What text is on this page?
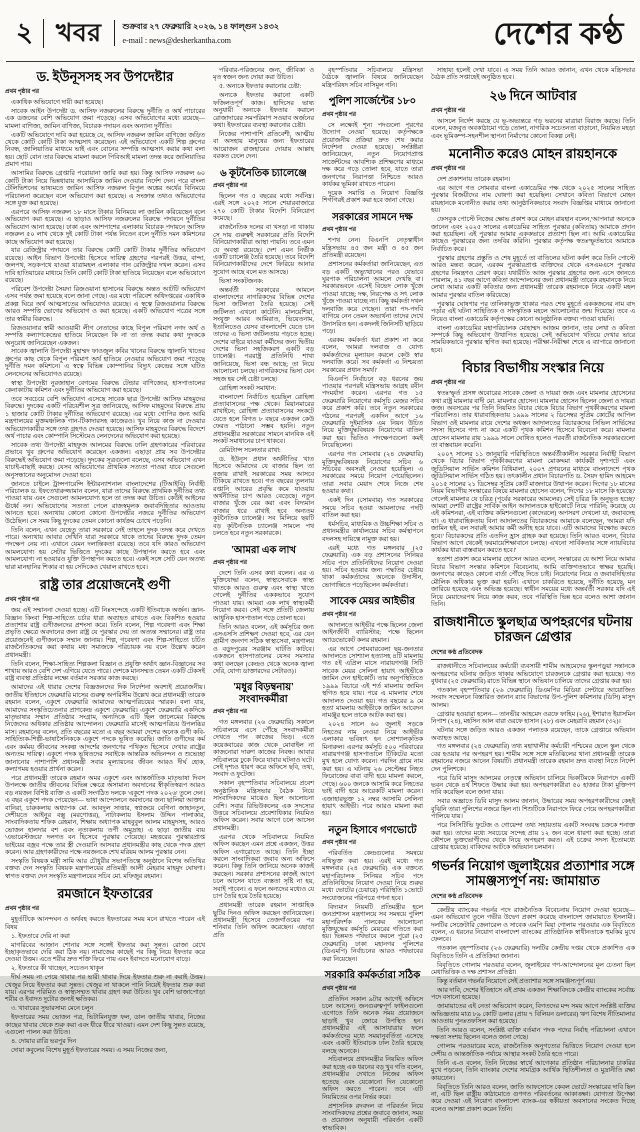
২ খবর	শুক্রবার ২৭ ফেব্রুয়ারি ২০২৬, ১৪ ফাল্গুন ১৪৩২
e-mail : news@desherkantha.com	দেশের কণ্ঠ
ড. ইউনূসসহ সব উপদেষ্টার
প্রথম পৃষ্ঠার পর

একাধিক অভিযোগে দায়ী করা হয়েছে।

সাবেক আইন উপদেষ্টা ড. আসিফ নজরুলের বিরুদ্ধে দুর্নীতি ও অর্থ পাচারের এক ডজনের বেশি অভিযোগ জমা পড়েছে। এসব অভিযোগের মধ্যে রয়েছে— মামলা বাণিজ্য, জামিন বাণিজ্য, বিচারক পদায়ন এবং অন্যান্য দুর্নীতি।

একটি অভিযোগে দাবি করা হয়েছে যে, আসিফ নজরুল জামিন বাণিজ্যে জড়িত থেকে কোটি কোটি টাকা আত্মসাৎ করেছেন। এই অভিযোগে একটি শিল্প গ্রুপের নিবন্ধ, জালিয়াতির মাধ্যমে ভাই এবং বোনের সম্পত্তি আত্মসাৎ করার কথা বলা হয়। ছোট বোন তার বিরুদ্ধে মামলা করলে পিবিআই মামলা তদন্ত করে জালিয়াতির প্রমাণ পায়।

আসামির বিরুদ্ধে গ্রেপ্তারি পরোয়ানা জারি করা হয়। কিন্তু আসিফ নজরুল ৬০ কোটি টাকা নিয়ে ভিন্নধারায় আসামিকে জামিন দেওয়ার নির্দেশ দেন। পরে বাংলা টেলিভিশনের ভাষ্যমতে জামিন আসিফ নজরুল বিপুল অঙ্কের অর্থের বিনিময়ে পরিচালনা করেছেন বলে অভিযোগ করা হয়েছে। এ সংক্রান্ত তথ্যও অভিযোগের সঙ্গে যুক্ত করা হয়েছে।

এরপরে আসিফ নজরুল ১৮ মাসে টাকার বিনিময়ে লা জামিন করিয়েছেন বলে অভিযোগ করা হয়েছে। এ ছাড়াও আসিফ নজরুলের বিরুদ্ধে পদায়নে দুর্নীতির অভিযোগ আনা হয়েছে। ঢাকা এবং আশপাশের এলাকায় বিচারক পদায়নে আসিফ নজরুল ৫০ লাখ থেকে দুই কোটি টাকা পর্যন্ত নিতেন বলে দুর্নীতি দমন কমিশনের কাছে অভিযোগ করা হয়েছে।

যার রেজিস্ট্রার পদায়নে তার বিরুদ্ধে কোটি কোটি টাকার দুর্নীতির অভিযোগ রয়েছে। আইন বিভাগ উপদেষ্টা হিসেবে দায়িত্ব গ্রহণের পরপরই উত্তর, বান্দা, জলপথ, সড়কপথে যাওয়া যাত্রামহল এলাকার গান রেজিস্ট্রার দখল করেন। এসব দাবি হাতিয়ারের মাধ্যমে তিনি কোটি কোটি টাকা হাতিয়ে নিয়েছেন বলে অভিযোগে রয়েছে।

পরিবেশ উপদেষ্টা সৈয়দা রিজওয়ানা হাসানের বিরুদ্ধে অন্তত আটটি অভিযোগ এসব পর্যন্ত জমা হয়েছে বলে জানা গেছে। এর মধ্যে পরিবেশ অধিদপ্তরের একাধিক প্রকল্প ঘিরে অর্থ আত্মসাতের অভিযোগও রয়েছে। এ স্বত্বে রিজওয়ানার বিরুদ্ধে আরও সম্পত্তি ভোগের অভিযোগ ও করা হয়েছে। একটি অভিযোগ পত্রের সঙ্গে তার স্বামীর বিরুদ্ধে।

রিজওয়ানার স্বামী আওয়ামী লীগ নেতাদের কাছে বিপুল পরিমাণ নগদ অর্থ ও সম্পত্তি কল্যাণকেন্দ্রের হাতিয়ে নিয়েছেন কি না তা তদন্ত করার কথা দুদককে অনুরোধ জানিয়েছেন একজন।

সাবেক জ্বালানি উপদেষ্টা মুহাম্মদ ফাওজুল কবির খানের বিরুদ্ধে জ্বালানি খাতের গ্রুপের কাছ থেকে বিপুল পরিমাণ অর্থ হাতিয়ে নেওয়ার অভিযোগ জমা পড়েছে দুর্নীতি দমন কমিশনে। এ স্বত্বে বিভিন্ন কোম্পানির বিদ্যুৎ কেন্দ্রের সঙ্গে ঘটিত লেনদেনের অভিযোগও রয়েছে।

স্বাস্থ্য উপদেষ্টা নুরজাহান বেগমের বিরুদ্ধে টেন্ডার বাণিজ্যের, হাসপাতালের কেনাকাটায় কমিশন এবং দুর্নীতির অভিযোগ করা হয়েছে।

তবে সবচেয়ে বেশি অভিযোগ এসেছে সাবেক ছাত্র উপদেষ্টা আসিফ মাহমুদের বিরুদ্ধে। দুদকের একটি পরিচয়শীল সূত্র জানিয়েছে, আসিফ মাহমুদের বিরুদ্ধে প্রায় ১ হাজার কোটি টাকার দুর্নীতির অভিযোগ রয়েছে। এর মধ্যে গোপির জন্য আমি মন্ত্রণালয়ের মুক্তমঞ্চলিক গান-টিকাদারসহ কাজেরও। খুব নিয়ে কাজ না দেওয়ার অভিযোগকারীর সঙ্গে তথ্য গ্রহণও দেওয়া হয়েছে। আসিফ মাহমুদের বিরুদ্ধে বিদেশে অর্থ পাচার এবং কোম্পানি সিস্টেমেও লেনদেনের অভিযোগ করা হয়েছে।

সাবেক তথ্য উপদেষ্টা মাহফুজ আলমের বিরুদ্ধে ঢালি গ্রহণকারের পরিবারের প্রভাবে খুব গ্রুপের অভিযোগ করেছেন একজন। এছাড়া প্রায় সব উপদেষ্টার বিরুদ্ধেই অভিযোগ জমা পড়েছে। দুদকের সূত্রগুলো বলেছে, এসব অভিযোগ এখন যাচাই-বাছাই করছে। যেসব অভিযোগের প্রাথমিক সত্যতা পাওয়া যাবে সেগুলো অনুসন্ধানের অনুমোদন দেওয়া হবে।

জানতে চাইলে ট্রান্সপারেন্সি ইন্টারন্যাশনাল বাংলাদেশের (টিআইবি) নির্বাহী পরিচালক ড. ইফতেখারুজ্জামান বলেন, যারা তাদের বিরুদ্ধে প্রাথমিক দুর্নীতির তথ্য পাওয়া যায় এবং সেগুলো আমলযোগ্য হলে তা তদন্ত করা উচিত। কেউই আইনের ঊর্ধ্বে নন। অভিযোগের সত্যতা পেলে রাজস্বমূলক জবাবদিহিতার আওতায় আনতে হবে। অন্যথায় কোনো কোনো উপদেষ্টার নজরে দুর্নীতির অভিযোগ উঠেছিল। সে সময় কিছু দুদকের তেমন কোনো কার্যক্রম চোখে পড়েনি।

তিনি বলেন, এখন যেহেতু তারা সরকারে নেই তাহলে দুদক তদন্ত করে দেখতে পারে। অন্যথায় আবার দেখিনি যারা সরকারে থাকে তাদের বিরুদ্ধে দুদক তেমন পদক্ষেপ নেয় না। এখানে যেমন দলান্তিকতা রয়েছে। তবে যদি কারও অভিযোগ আমলযোগ্য হয় সেটার ভিত্তিতে দুদকের কাছে উপস্থাপন করতে হবে এবং আমলযোগ্য না হওয়ারও যুক্তি উপস্থাপন করতে হবে। একই সঙ্গে সেটি যেন অতথ্য দ্বারা মানহানির শিকার বা হয় সেদিকেও খেয়াল রাখতে হবে।

রাষ্ট্র তার প্রয়োজনেই গুণী
প্রথম পৃষ্ঠার পর

জয় এই সম্মাননা দেওয়া হচ্ছে। এটি নিঃসন্দেহে একটি ইতিবাচক অর্জন। জ্ঞান-বিজ্ঞান কিংবা শিল্প-সাহিত্যে চর্চার ধারা অব্যাহত রাখতে এবং বিকশিত হওয়ার প্রত্যাশায় রাষ্ট্র গুণীজনদের প্রশংসা করে। তিনি বলেন, শিল্প গবেষণা এবং শিক্ষা প্রভৃতি ক্ষেত্রে অবদানের জন্য রাষ্ট্র যে পুরস্কার দেয় তা অত্যন্ত সম্মানের। রাষ্ট্র তার প্রয়োজনেই গুণীজনকে সম্মান জানায়। শিল্প, গবেষণা এবং শিল্প-সাহিত্যে চর্চিত রাজনৈতিকদের করা কথায় মধ্য সমাজকে পরিচায়ক নয় বলে উল্লেখ করেন প্রধানমন্ত্রী।

তিনি বলেন, শিক্ষা-সাহিত্য শিল্পকলা বিজ্ঞান ও প্রযুক্তি অর্থাৎ জ্ঞান-বিজ্ঞানের সব শাখায় আরও বেশি দেশ এগিয়ে যেতে পারে। দেশকে মানসম্মত তেমন একটি টেকসই রাষ্ট্র ব্যবস্থা প্রতিষ্ঠার লক্ষ্যে বর্তমান সরকার কাজ করছে।

আমাদের এই ধারার দেশের বিজ্ঞজনদের দিক নির্দেশনা অবশ্যই প্রয়োজনীয়। জাতীয় ইতিহাসে ফেব্রুয়ারি মাসের গুরুত্ব অপরিসীম উল্লেখ করে প্রধানমন্ত্রী তারেক রহমান বলেন, একুশে ফেব্রুয়ারি আমাদের আত্মপরিচয়ের স্মারক। বলা যায়, আমাদের সংস্কৃতিচেতনার প্রাণকেন্দ্র একুশে ফেব্রুয়ারি। একুশে ফেব্রুয়ারি একদিকে মাতৃভাষার সম্মান প্রতিষ্ঠার সংগ্রাম, অন্যদিকে এটি ছিল জালেমের বিরুদ্ধে নিজেদের অধিকার প্রতিষ্ঠার আন্দোলন। ফেব্রুয়ারি মাসেই আত্মপরিচয় উপলব্ধির মাস। রহমানের বলেন, প্রতি বছরের মতো এ বছর আমরা দেশের অনেক গুণী কবি-সাহিত্যিক-শিল্পী-ভাষাসৈনিককে একুশে পদকে ভূষিত করেছি। জাতি গুণীদের কর্ম এবং কর্মময় জীবনের সংকল্প আদর্শের জনগণের পথিকৃত হিসেবে দেখার রাষ্ট্রের অন্যতম দায়িত্ব। একুশে পদক ভূষিতদের সবাইকে আন্তরিক অভিনন্দন ও শুভেচ্ছা জানানোর পাশাপাশি প্রধানমন্ত্রী সবার মূল্যায়নের জীবন আরও দীর্ঘ হোক, কল্যাণময় হওয়ার প্রার্থনা করেন।

পরে প্রধানমন্ত্রী তারেক রহমান অমর একুশে এবং আন্তর্জাতিক মাতৃভাষা দিবস উপলক্ষে জাতীয় জীবনের বিভিন্ন ক্ষেত্রে অসামান্য অবদানের স্বীকৃতিস্বরূপ আরও বড় নয়জন বিশিষ্ট ব্যক্তি ও একটি সংগঠিত দলকে 'একুশে পদক ২০২৬' তুলে দেন। এ বছর একুশে পদক পেয়েছেন— ভাষা আন্দোলনে অবদানের জন্য ছালিয়া আক্তার বানিরা, চারুকলায় অধ্যাপক মো. আবদুল সাত্তার, স্বপ্নজয়ে বেগিনা জাহানতুন, দেশীয়তে আইনুর বক্সু (মরণোত্তর), নাট্যকলায় ইসলাম উদ্দিন পালাকার, সাংবাদিকতায় শফিক রেহমান, শিক্ষায় অধ্যাপক মাহবুবুল আলম মাহমুদসহ, আরও ভোজন হালদার বশ এবং নৃত্যকলায় তর্পী অমুদ্রাহ। এ ছাড়া জাতীয় ব্যয় 'এভারেস্টজয়ে' দলগত বন হিসেবে পুরস্কার পেয়েছে। মহত্তরের পুরস্কারপ্রাপ্ত ভাইয়ের বজ্রব পক্ষে তার স্ত্রী দেওয়ানি আসবার প্রধানমন্ত্রীর কাছ থেকে পদক গ্রহণ করেন। আর গ্রহণকারীদের পক্ষে নয়জনকে শেখ মরিয়ম আলম পুরস্কার নেন।

সংস্কৃতি বিষয়ক মন্ত্রী সামি আর চৌধুরীর সভাপতিত্বে অনুষ্ঠানে বিশেষ অতিথির বক্তব্য দেন সংস্কৃতি বিষয়ক মন্ত্রণালয়ের প্রতিমন্ত্রী আলী মেহরাব মাহমুদ ঘোষণা। স্বাগত বক্তব্য দেন সংস্কৃতি মন্ত্রণালয়ের সচিব মো. মফিজুর রহমান।

রমজানে ইফতারের
প্রথম পৃষ্ঠার পর

মুহূর্তটিকে আনন্দঘন ও অর্থবহ করতে ইফতারের সময় মনে রাখতে পারেন এই বিষয়

১. ইফতারে দেরি না করা

মাগরিবের আজান শোনার সঙ্গে সঙ্গেই ইফতার করা সুন্নত। রোজা রেখে ইচ্ছাকৃতভাবে দেরি করা ঠিক নয়। নামাজের কাছেই পর কিছু নিয়ে ইফতার করে দেওয়া উত্তম। এতে শরীর দ্রুত শক্তি ফিরে পায় এবং ইবাদতে মনোযোগ বাড়ে।

২. ইফতারে কী খাচ্ছেন, সচেতন থাকুন

দীর্ঘ সময় না পেয়ে খাবার পর ভারী খাবার দিয়ে ইফতার শুরু না করাই উত্তম। খেজুর নিয়ে ইফতার করা সুন্নত। খেজুর না থাকলে পানি নিয়েই ইফতার শুরু করা যায়। এরপর পরিমিত ও স্বাস্থ্যসম্মত খাবার গ্রহণ করা উচিত। খুব বেশি ভাজাপোড়া শরীর ও ইবাদত দুটোর জন্যই ক্ষতিকর।

৩. খাবারের সুভারসাম্য মেনে চলুন

ইফতারের সময় ভোজন পত্র, ভিটামিনযুক্ত ফল, ডাল জাতীয় খাবার, নিজের কাছের খাবার থেকে শুরু করা এবং ধীরে ধীরে খাওয়া। এমন দেশ কিছু সুন্নত রয়েছে, এগুলো পালন করা উচিত।

৪. দোয়ার রাত্রি ভরপুর দিন

দোয়া কবুলের বিশেষ মুহূর্ত ইফতারের সময়। এ সময় নিজের জন্য,

পরিবার-পরিজনের জন্য, জীবিকা ও মৃত স্বজন জন্য দোয়া করা উচিত।

৫. অন্যকে ইফতার করানোর চেষ্টা:

অন্যকে ইফতার করানো একটি ফজিলতপূর্ণ কাজ। হাদিসের ভাষ্য অনুযায়ী অন্যকে ইফতার করালে রোজাদারের সমপরিমাণ সওয়াব অর্জনের কথা। ইফতারের ব্যবস্থা করানোর চেষ্টা।

নিজের পাশাপাশি প্রতিবেশী, আত্মীয় বা অসহায় মানুষের জন্য ইফতারের আয়োজন রাজহারের দোয়ায় আল্লাহ বরকত ঢেলে দেন।

৬ কূটনৈতিক চ্যালেঞ্জে
প্রথম পৃষ্ঠার পর

ছিলেন গত ৫ বছরের মধ্যে সর্বনিম্ন। এরই সঙ্গে ২০২৫ সালে শেয়ারবাজারে ২৭০ কোটি টাকার বিদেশি বিনিয়োগ কমেছে।

রাজনৈতিক দলের বা খসড়া না থাকায় সে দায় গুরুত্বই সরকারের প্রতি বিদেশি বিনিয়োগকারীরা আস্থা পায়নি। তবে এমন যে অবস্থা রয়েছে। দেশ এমন নির্ভীক একটি চ্যালেঞ্জ তৈরি হয়েছে। তবে বিদেশি বিনিয়োগকারীদের দেশে ফিরিয়ে আনার সুযোগ আছে বলে মত আসছে।

ভিসা সংকটজনক:

অন্তর্বর্তী সরকারের আমলে বাংলাদেশের নাগরিকদের বিভিন্ন দেশের ভিসা জটিলতা তৈরি হয়েছে। সেই জটিলতা এখনো কাটেনি। মালয়েশিয়া, সংযুক্ত আরব আমিরাত, ভিয়েতনাম, ইতালিতেও যেসব বাংলাদেশি যেতে চান তাদের এ ভিসা জটিলতায় পড়তে হচ্ছে। দেশের বাইরে যাওয়া কর্মীদের জন্য দ্বিতীয় দেশের ভিসা সহজিকরণ একটি বড় চ্যালেঞ্জ। পররাষ্ট্র প্রতিনিধি শাখা জানিয়েছে, ভিসা বন্ধ আছে; তা নিয়ে আলোচনা চলছে। নাগরিকদের ভিসা যেন সহজ হয় সেই চেষ্টা চলছে।

রোহিঙ্গা সংকট সমাধান:

বাংলাদেশ নির্বাচিত হয়েছিল রোহিঙ্গা প্রত্যাবাসনের পক্ষ থেকে। মিয়ানমারের রাখাইনে; রোহিঙ্গা প্রত্যাবাসনের সংকটে যেতে হলে বিগত ৮ বছরে একজন কেউ ফেরত পাঠানো সম্ভব হয়নি। নতুন প্রধানমন্ত্রীর সরকারের সামনে মানবিক এই সংকট সমাধানের চাপ থাকবে।

রেমিট্যান্স সচলতার রাখা:

ড. ইউনূস প্রধান অর্থনীতির খাত হিসেবে আমাদের যে বাজার ছিল তা বজায় রাখাই সরকারের সময় আসবে টিকিয়ে রাখতে হবে। গত বছরের তুলনায় রপ্তানি আয়ের প্রবৃদ্ধি কমে যাওয়ায় অর্থনীতির চাপ আরও বেড়েছে। নতুন বাজার খুঁজে বের করা এবং বিদ্যমান বাজার ধরে রাখাই হবে অন্যতম কূটনৈতিক চ্যালেঞ্জ। সব মিলিয়ে ছয়টি বড় কূটনৈতিক চ্যালেঞ্জ সামলে পথ চলতে হবে নতুন সরকারকে।

'আমরা এক লাখ
প্রথম পৃষ্ঠার পর

দেশে তিনি এসব কথা বলেন। এর এ মুক্তিযোদ্ধা বলেন, স্বাস্থ্যসেবাকে স্বাস্থ্য খাতকে আরও গুরুত্ব এবং স্বাস্থ্য খাতে গেলেই দুর্নীতির এককভাবে সুযোগ পাওয়া যায়। আমরা এক লাখ স্বাস্থ্যকর্মী নিয়োগ করব। সেই সঙ্গে প্রতিটি জেলায় আধুনিক হাসপাতাল গড়ে তোলা হবে।

তিনি আরও বলেন, এই কর্মসূচির জন্য এসএসসি প্রশিক্ষণ দেওয়া হবে, এর যেন গ্রামীণ জনগণ সঠিক স্বাস্থ্যসেবা, মন্ত্রণালয় ও বড়ুদপুরের সরঞ্জাম ঘাটতি কাটবে। একজনে হাসপাতালের যেসব সমস্যার কথা বলছেন (কেন্দ্রও থেকে অনেক জ্বালা দেরি, যোগ্য ডাক্তারদের সেটারও)।

'মধুর বিড়ম্বনায়' সংবাদকর্মীরা
প্রথম পৃষ্ঠার পর

গত মঙ্গলবার (২৬ ফেব্রুয়ারি) সকালে সচিবালয়ে এসে পৌঁছে সংবাদকর্মীরা দেখতে পান কাজের ভিড়। এতে কয়েকবারের কাজ থেকে মোবাইল না কাজনোরা দারুণ কাজের নিবন্ধ। আবার সচিবালয়ে ঢুকে ফিরে যাবার ঘটনাও ঘটে। সেই দৃশ্যও ধারণ করে অফিসে ছবি, তথ্য, সংবাদ ও ফুটেজ।

সকাল বৃহস্পতিবার সচিবালয়ে প্রবেশ অনুষ্ঠানিক মন্ত্রিসভার বৈঠক নিয়ে সাংবাদিকদের মাঝেও ছিল আলোচনা বেশি। সবার রিভিউকলের এক সদস্যের উত্তরে সচিবালয়ে প্রবেশাধিকার নিয়মিত অফিস করেন। সবার আগে চলে আসেন প্রধানমন্ত্রী।

এরপর থেকে সচিবালয়ে নিয়মিত অফিস করছেন এমন প্রশ্নে একজন, উত্তর অফিস এগারোতে আছে। তিনি ইচ্ছা করলে সাংবাদিকরা জবাব অন্য অফিসে করেন। কিন্তু তিনি জানিয়ে অনেক কাজই করছেন। সরকার প্রশাসনের কাজই আগে চলে আসেন যাতে ব্যস্ততা সৃষ্টি না হয়, সবাই পাবেন। এ ফলে অন্যদের মধ্যেও যে চাপ তৈরি হয়ে তৈরি হয়েছে।

প্রধানমন্ত্রী তারেক রহমান সাপ্তাহিক ছুটির দিনও অফিস করছেন জানিয়েছেন। প্রধানমন্ত্রী হিসেবে তেজগাঁওয়ের পর শনিবার তিনি অফিস করেছেন। এছাড়া প্রতি

বৃহস্পতিবার সচিবালয়ে মন্ত্রিসভা বৈঠকে জ্বালানি বিষয়ে জানিয়েছেন মন্ত্রিপরিষদ সচিব নাসিমুল গনি।

পুলিশ সার্জেন্টের ১৮০
প্রথম পৃষ্ঠার পর

সে লক্ষ্যেই শূন্য পদগুলো পূরণের উদ্যোগ নেওয়া হয়েছে। কর্তৃপক্ষকে প্রয়োজনীয় প্রক্রিয়া দ্রুত শেষ করার নির্দেশনা দেওয়া হয়েছে। সংশ্লিষ্টরা জানিয়েছেন, নতুন নিয়োগপ্রাপ্ত সার্জেন্টদের আবশ্যিক প্রশিক্ষণের মাধ্যমে দক্ষ করে গড়ে তোলা হবে, যাতে তারা জনগণের নিরাপত্তা নিশ্চিতে আরও কার্যকর ভূমিকা রাখতে পারেন।

দুয়েক সমাপ্তি ও নিয়োগ বিজ্ঞপ্তি শিগগিরই প্রকাশ করা হবে জানা গেছে।

সরকারের সামনে দক্ষ
প্রথম পৃষ্ঠার পর

শপথ নেন। বিএনপি নেতৃত্বাধীন মন্ত্রিসভায় ৪৫ জন মন্ত্রী ও ৪৫ জন প্রতিমন্ত্রী রয়েছেন।

প্রশাসনের কর্মকর্তারা জানিয়েছেন, এত বড় একটি অভ্যুত্থানের পরও যেভাবে ঘুরপাক পরিচালনা আমলে দেখছি বা। সরকারভবনে এসেই বিভেদ লোক খুঁজে পাওয়া যাচ্ছে; দক্ষ, নিরপেক্ষ ও সৎ লোক খুঁজে পাওয়া যাচ্ছে না। কিছু কর্মকর্তা দখল দলবাজি করে গেছেন। তারা পদ-পদবি বাগিয়ে নেন তেমন অভ্যর্থনা তাদের দেখে উদাসরিত হন। একদলই জিনিসটি ছাড়িয়ে পড়ে।

এরকম কর্মকর্তা ধরা প্রকাশ না করে বলেন, 'আমরা দলবাজ ও যোগ্য কর্মকর্তাদের মূল্যায়ন করলে কেউ স্বার দলবাজি করে। সব কর্মকর্তা এ নিশ্চয়তা সরকারের প্রধান সমর্থ।'

বিএনপি নির্বাচনে বড় ধরনের জয় পাওয়ার পরপরই মন্ত্রিসভায় আগ্রহ রবীন পদমর্যাদা করেন। এরপর গত ১৫ ফেব্রুয়ারি নিয়োগের কর্মসূচি মেজর সচিব করে প্রকাশ করি। তবে নতুন সরকারের গঠনের পরপরই একদিন আগে ১৬ ফেব্রুয়ারি দুইমাসিক এম নিয়ন উচিত নিয়ে মুক্তিযুদ্ধবিষয়ক নিয়োগের বাতিল করা হয়। ভিতিও পদক্ষেপগুলো কমই নিয়েছিলেন।

এরপর গত সোমবার (২৪ ফেব্রুয়ারি) মুক্তিযুদ্ধবিষয়ক নিয়োগের সচিব ৬ সচিবের অবসরই নেওয়া হয়েছিল। এ সরকারের সময়ে নিয়োগ পেয়েছিলেন। তারা সবার মেয়াদ শেষে নিজে শেষ হওয়ার কথা।

একই দিন (সোমবার) গত সরকারের সময়ে সচিব হওয়া আমলাদের পদটি বাতিল করা হয়।

ধর্মসচিব, মাধ্যমিক ও উচ্চশিক্ষা সচিব ও প্রধানমন্ত্রীর কার্যালয়ের সচিব কর্মস্থাপনে বদলসহ দায়িত্বে নামুক্ত করা হয়।

এরই মধ্যে গত মঙ্গলবার (২৫ ফেব্রুয়ারি) এক বড় প্রশাসনের সিনিয়র সচিব পদে প্রতিনিধিদের নিয়োগ দেওয়া হয়। সচিব হওয়ার জন্য পদ্ধতির চেষ্টায় থাকা কর্মকর্তাদের অনেকে উদাসীন, ভোগান্তিতে পড়েছিলেন কর্মকর্তারা।

সাবেক মেয়র আইভীর
প্রথম পৃষ্ঠার পর

আদালতে আইভীর পক্ষে ছিলেন জেলা আইনজীবী ব্যারিস্টার; পক্ষে ছিলেন অ্যাডভোকেট কলর রহমান।

এর আগে সোমবারবেলা ছয়-জনতার আদালতে সোশ্যাল হত্যাসহ ৪টি মামলায় গত ৫ই এপ্রিল মাসে নারায়ণগঞ্জ সিটি সাবেক মেয়র সেলিনা হায়াৎ আইভীকে জামিন দেন হাইকোর্ট। তার অনুপস্থিতিতে ১৯৯৯ বিচারে এই শর্ত মামলায় জামিন স্থগিত হয়ে যায়। পরে এ মামলার শেষে আদালত দেওয়া হয়। গত বছরের ৯ মে হত্যা মামলায় আইভীকে জামিন আবেদন নামঞ্জুর হলে তাকে আটক করা হয়।

২০২৪ সালে ৬০ জুলাই সড়কে নিহতের নাম নেওয়া নিয়ে আইভীর এলাকার ভবিষ্যৎ হন সোশ্যালকৃতিক মিনারুল। এরপর কর্মসূচি ৫০০ পরিবারের নারায়ণগঞ্জ হাসপাতালে টিকিটের মতো মুখ হলে যোগ্য করেন। পরদিন গ্রামে নাম করা হয়। এ ঘটনায় ২৬ সেপ্টেম্বর নিহত ফিরোজের বাবা বাদী হয়ে মামলা করলে, গেছে। ৬০০ জনকে আসামি করে নিহতের ভাই বাদী হয়ে আরেকটি মামলা করেন। এজাহারভুক্ত ১২ নম্বর আসামি সেলিনা হায়াৎ আইভী। পরে আরও মামলা করা হয়।

নতুন হিসাবে গণভোটে
প্রথম পৃষ্ঠার পর

পরিবর্তিত কেন্দ্রগুলোর সমন্বয়ে নথিভুক্ত করা হয়। এরই মধ্যে গত মঙ্গলবার (২৪ ফেব্রুয়ারি) এক বক্তব্যে মহাপরিচালক সিনিয়র সচিব পদে প্রতিনিধিদের নিয়োগ দেওয়া নিয়ে শুরুর মধ্যে ভোটের (চেয়ারে) পরিস্থিতি ১ভোটে সংযোজনের পরিপত্রে গণনা হবে।

বিদ্যমান নিয়মটি প্রতিমন্ত্রীর হলে জনপ্রশাসন মন্ত্রণালয়ে সব সমন্বয়ে পুলিশ মহাপরিদর্শক পালকের আলোচনা মুক্তিযুদ্ধের কর্মসূচি মেয়রের গতিতে করা হয়। ভিন্নমত পথভাবে করলে পুরো (২৫ ফেব্রুয়ারি) ঢাকা মহানগর পুলিশের (ডিএমপি) নির্বাচনের আরও পথভাবের করা নিয়েছেন।

সরকারি কর্মকর্তারা সঠিক
প্রথম পৃষ্ঠার পর

প্রতিদিন সকাল ৯টার আগেই অফিসে চলে আসেন। জনগুরুত্বপূর্ণ ফাইলগুলো এগোতে তিনি অনেক সময় প্রয়োজনে ছাড়াই খুব জোরে উপস্থিত হন। প্রধানমন্ত্রীর এই আসাযাত্রার ফলে কর্মকর্তাদের মধ্যে সময়ানুবর্তিতা এসেছে এবং একটি ইতিবাচক ঢাল তৈরি হয়েছে বলছে অনেকে।

সচিবালয়ে প্রধানমন্ত্রীর নিয়মিত অফিস করা হচ্ছে এক ধরনের বড় খুব গতি বলেন, প্রধানমন্ত্রীর দেখাতে নিজের অফিস হতেছে এবং যেকোনো দিন যেকোনো অফিস করতে পারেন। তবে এটি নিয়মিতের ওপর নির্ভর করে।

প্রশাসনিক রদবদল বা পরিবর্তন নিয়ে সাংবাদিকদের প্রশ্নের জবাবে জানান, সময় ও প্রয়োজন অনুযায়ী পরিবর্তন একটি স্বাভাবিক।

সাহায্য হলেই দেখা যাবে। এ সময় তিনি আরও জানান, এখন থেকে মন্ত্রিসভার বৈঠক প্রতি সপ্তাহেই অনুষ্ঠিত হবে।

২৬ দিনে আটবার
প্রথম পৃষ্ঠার পর

আসলে নির্দেশ করছে যে ভূ-অভ্যন্তরে গড় ভরনের মাত্রারা বিরাজ করছে। তিনি বলেন, মজবুত অবকাঠামো গড়ে তোলা, নাগরিক সচেতনতা বাড়ানো, নিয়মিত মহড়া এবং ভূমিকম্প-সহনশীল স্থাপনা নির্মাণের কোনো বিকল্প নেই।

মনোনীত করেও মোহন রায়হানকে
প্রথম পৃষ্ঠার পর

দেশ প্রকাশনায় তারেক রহমান।

এর আগে গত সোমবার বাংলা একাডেমির পক্ষ থেকে ২০২৫ সালের সাহিত্য পুরস্কার বিজয়ীদের নাম ঘোষণা করা হয়েছিল। সেখানে কবিতা বিভাগে মোহন রায়হানকে মনোনীত করার তথ্য আনুষ্ঠানিকভাবে সংবাদ বিজ্ঞপ্তির মাধ্যমে জানানো হয়।

ফেসবুক পোস্টে নিজের ক্ষোভ প্রকাশ করে মোহন রায়হান বলেন,'আপনারা অনেকে জানেন এবং ২০২৫ সালের একাডেমির সাহিত্য পুরস্কার (কবিতায়) আমাকে প্রদান করা হয়েছিল। এই পুরস্কার আমার এককভাবে প্রত্যাশা ছিল না। আমি একাডেমির কাছেও পুরস্কারের জন্য তদবির করিনি। পুরস্কার কর্তৃপক্ষ স্বতঃস্ফূর্তভাবে আমাকে নির্বাচিত করে।

পুরস্কার গ্রহণের প্রস্তুতি ও শেষ মুহূর্তে তা বাতিলের ঘটনা কর্কশ করে তিনি পোস্টে আরও মন্তব্য করেন, এরকম পুরস্কারপ্রাপ্ত ব্যক্তিদের থেকে এসএমএসে পুরস্কার গ্রহণের নিমন্ত্রণও প্রেরণ করে। যথারীতি আজ পুরস্কার গ্রহণের জন্য এসে জানতে পারলাম, ৪১ বছর আগে কবিতা আন্দোলনের জন্য প্রধানমন্ত্রী তারেক রহমানকে নিয়ে লেখা আমার একটি কবিতার জন্য প্রধানমন্ত্রী তারেক রহমানকে নিয়ে একটি মহল আমার পুরস্কার বাতিল করিয়েছে।

পুরস্কার ঘোষণার পর তালিকাভুক্ত থাকার পরও শেষ মুহূর্তে এককজনের নাম বাদ পড়ার এই ঘটনা সাহিত্যিক ও সাংস্কৃতিক মহলে আলোচনার জন্ম দিয়েছে। তবে এ নিয়েও বাংলা একাডেমি কর্তৃপক্ষের কোনো আনুষ্ঠানিক বক্তব্য পাওয়া যায়নি।

বাংলা একাডেমির মহাপরিচালক মোহাম্মদ আজম জানান, তার লেখা ও কবিতা সম্পর্কে কিছু অভিযোগ উত্থাপিত হয়েছে। সেই অভিযোগ খতিয়ে দেখার ভারে সাময়িকভাবে পুরস্কার স্থগিত করা হয়েছে। পরীক্ষা-নিরীক্ষা শেষে এ ব্যাপারে জানানো হবে।

বিচার বিভাগীয় সংস্কার নিয়ে
প্রথম পৃষ্ঠার পর

স্বতঃস্ফূর্ত প্রসঙ্গ অবোরের সাবেক জেলা ও দায়রা জজ এবং মামলার হোসেনের কথা রাষ্ট্র মামলার বাদী মো. মামলার হোসেন। মামলার হোসেন ছিলেন জেলা ও দায়রা জজ। অবসরের পর তিনি নিয়মিত বিচার থেকে বিচার বিভাগ পৃথকীকরণের মামলা পরিচালিত। তার ধারাবাহিকতায় ১৯৯৯ সালের ২ ডিসেম্বর সুপ্রিম কোর্টের আপিল বিভাগ ওই মামলার রায়ে দেশের অধস্তন আদালতের বিচারকদের সিভিল সার্ভিসের সদস্য হিসেবে গণ্য না করে একটি পৃথক কমিশন হিসেবে বিবেচনা করে। মামলার হোসেন মামলার রায় ১৯৯৯ সালে ঘোষিত হলেও পরবর্তী রাজনৈতিক সরকারগুলো তা বাস্তবায়ন করেনি।

২০০৭ সালের ১১ জানুয়ারি পরিস্থিতিতে অন্তর্বর্তীকালীন সরকার নির্বাহী বিভাগ থেকে বিচার বিভাগ পৃথকীকরণের মামলা মোকদ্দমা কার্যকরী দৃশ্যপটে এবং জুডিসিয়াল সার্ভিস কমিশন বিধিমালা, ২০০৭ প্রণয়নের মাধ্যমে বাংলাদেশে পৃথক জুডিসিয়াল সার্ভিস গঠিত হয়। তৎকালীন প্রধান বিচারপতি ড. সৈয়দ হামিদ আহমেদ ২০১৫ সালের ২১ ডিসেম্বর সুপ্রিম কোর্ট মাজদারে উত্থাপন করেন। দিগের ১৮ মাসের নিয়ম বিভাগীয় সংস্কারের বিষয়ে মামলার হোসেন বলেন, 'দিগের ১৮ মাসে কি হয়েছে? গেলেই মামলার যে চরিত্র (পূর্বের সরকারের আমলের) সেই চরিত্র কি অনুভূত হচ্ছে? আমরা দেশটি রাষ্ট্রের সার্বিক আইন আদালতকে হাইকোর্টে নিয়ে পারিনি; করেছে যে এই কমিশনরা, এই ব্যক্তির কমিশনগুলো (কাদেরলে) অপসরণ দেখলো যা, জবাবদেহ যা। এ ধারাবাহিকতায় বিনা আদালতের বিচারকদের আমাকে বলেছেন, 'আমরা যদি জামিন হই, বল সবারই আমার কর্মী অনীহ হয়ে যাবে। এটি আমাদের বিক্ষোভ করতে হবে।' বিচারকদের প্রতি এতদিন হ্রাস গ্রাহক করা হয়েছে। তিনি আরও বলেন, 'বিচার বিভাগ আগে থেকেই ফরমায়েশিক্ষাবানে চলছে। এখনো সার্বিকতার সঙ্গে ন্যায়বিচার কার্যকর ধারা বাস্তবায়ন করতে হবে।'

হতাশা প্রকাশ করে মামলার হোসেন আরও বলেন, সংস্কারের যে আশা নিয়ে আমার বিচার বিভাগ সংস্কার কমিশনে বিবেচনায়, আমি ব্যক্তিগতভাবে স্বাক্ষর হয়েছি। জনগণের কাছেও কোনো বার্তা পৌঁছে দিতে চাই। নিয়োগের নিয়ে ও জবাবদিহিতার মৌলিক অধিকার ভুক্ত করা হয়নি। এখানে চাকরিতে হয়েছে, দুর্নীতি হয়েছে, মন জারিয়ে হয়েছে এবং অভিজ্ঞ হয়েছে। স্বাধীন সময়ের মধ্যে অন্তর্বর্তী সরকার যদি এই নিয়ে মেয়াদেরপথ নিয়ে কাজ করব, তবে পরিস্থিতি ভিন্ন হবে বলেও আশা জানান তিনি।

রাজধানীতে স্কুলছাত্র অপহরণের ঘটনায় চারজন গ্রেপ্তার
দেশের কণ্ঠ প্রতিবেদক

রাজধানীতে সচিবালয়ের কর্মচারী ব্যবসায়ী শামীম আহমেদের স্কুলপড়ুয়া সন্তানকে অপহরণের ঘটনায় জড়িত থাকার অভিযোগে চারজনকে গ্রেপ্তার করা হয়েছে। গত বুধবার (২৫ ফেব্রুয়ারি) রাতে বিভিন্ন স্থানে অভিযান চালিয়ে তাদের গ্রেপ্তার করা হয়।

গতকাল বৃহস্পতিবার (২৬ ফেব্রুয়ারি) ডিএমপির মিডিয়া সেন্টারে আয়োজিত সংবাদ সম্মেলনে বিস্তারিত জানান র‌্যাব বিভাগের উপ-পুলিশ কমিশনার (ডিসি) মাসুদ আলম।

গ্রেপ্তার হওয়ারা হলেন— তানভীর আহমেদ ওরফে ফাহিম (২৬), ইশারাত ইয়াসমিন নিপাশ (২৪), মহসিন আল বারা ওরফে হাসান (২৮) এবং মেহরাবি রহমান (৩২)।

ঘটনার সঙ্গে জড়িত আরও একজন পলাতক রয়েছেন, তাকে গ্রেপ্তারে অভিযান অব্যাহত আছে।

গত মঙ্গলবার (২৪ ফেব্রুয়ারি) তথ্য মহাখালীর কর্মচারী পশ্চিমের ছেলে স্কুল থেকে বের হওয়ার পর অপহরণ হয়। শামীম সঙ্গে সঙ্গে মতিঝিলের থানা প্রধানমন্ত্রী তারেক রহমানের নজরে আনেন বিষয়টি। প্রধানমন্ত্রী তারেক রহমান দ্রুত ব্যবস্থা নিতে নির্দেশ দেন পুলিশকে।

পরে ডিবি মাসুদ আলমের নেতৃত্বে অভিযান চালিয়ে ভিকটিমকে নিরাপদে একটি ভবন থেকে ৪র্থ শিফতে উদ্ধার করা হয়। অপহরণকারীরা ৫০ হাজার টাকা মুক্তিপণ দাবি করেছিল বলে জানা যায়।

সবার অজ্ঞাতে ডিবি মাসুদ আলম জানান, উদ্ধারের সময় অপহরণকারীদের কেহই বুঝিনি তারা পুলিশের নজরে ছিল না। শিশুটিকে নিরাপদে ফিরে পেয়ে অপহরণকারীরা পালিয়ে যায়।

পরে সিসিটিভি ফুটেজ ও গোয়েন্দা তথ্য সহায়তায় একটি সংঘবদ্ধ চক্রকে শনাক্ত করা হয়। তাদের মধ্যে সবচেয়ে সন্দেহ প্রায় ১২ জন বলে ধারণা করা হচ্ছে। তারা কৌশলে ভুক্তভোগীদের থেকে নিয়ে অপহরণ করত। এই চক্রের সদস্য ইতোমধ্যে গ্রেপ্তার হয়েছে। বাকিদের আটকে অভিযান চলমান।

গভর্নর নিয়োগ জুলাইয়ের প্রত্যাশার সঙ্গে সামঞ্জস্যপূর্ণ নয়: জামায়াত
দেশের কণ্ঠ প্রতিবেদক

কেন্দ্রীয় ব্যাংকের গভর্নর পদে রাজনৈতিক বিবেচনায় নিয়োগ দেওয়া হয়েছে— এমন অভিযোগ তুলে গভীর উদ্বেগ প্রকাশ করেছে বাংলাদেশ জামায়াতে ইসলামী। দলটির সেক্রেটারি জেনারেল ও সাবেক এমপি মিয়া গোলাম পরওয়ার এক বিবৃতিতে বলেন, এ ধরনের নিয়োগ বাংলাদেশ ব্যাংকের প্রাতিষ্ঠানিক স্বাধীনতাকে হুমকির মুখে ফেলবে।

গতকাল বৃহস্পতিবার (২৬ ফেব্রুয়ারি) দলটির কেন্দ্রীয় দপ্তর থেকে প্রকাশিত এক বিবৃতিতে তিনি এ প্রতিক্রিয়া জানান।

বিবৃতিতে গোলাম পরওয়ার বলেন, জুলাইয়ের গণ-আন্দোলনের মূল চেতনা ছিল মেধাভিত্তিক ও দক্ষ প্রশাসন প্রতিষ্ঠা।

কিন্তু বর্তমান গভর্নর নিয়োগে সেই প্রত্যাশার সঙ্গে সামঞ্জস্যপূর্ণ নয়।

আর দাবি, দেশের ইতিহাসে এই প্রথম একজন শিক্ষাবিদকে কেন্দ্রীয় ব্যাংকের সর্বোচ্চ পদে বসানো হয়েছে।

জামায়াতের এই নেতা অভিযোগ করেন, বিগতদের মন্দ সময় আগে সংশ্লিষ্ট ব্যক্তির অভিজ্ঞতায় মাত্র ৮৯ কোটি ডলার (প্রায় ৭ বিলিয়ন ডলারের) ঋণ বিশেষ নীতিমালার আওতায় পুনঃতফসিল করা হয়েছে।

তিনি আরও বলেন, সংশ্লিষ্ট ব্যক্তি বর্তমান পদক পদের নির্বাহ পরিচালনা এখানে দক্ষতা সংশয় ছিলেন বলেও জানা গেছে।

গোলাম পরওয়ারের মতে, রাজনৈতিক অনুগত্যের ভিত্তিতে নিয়োগ দেওয়া হলে দেশীয় ও আন্তর্জাতিক পর্যায়ে আস্থার সংকট তৈরি হতে পারে।

তিনি এ-ও বলেন, তিনি নিজের স্বার্থে আগেকার প্রতিষ্ঠান পরিচালনার চাকরির মুখে পড়বেন, তিনি ব্যাংকার দেশের সামগ্রিক আর্থিক স্থিতিশীলতা ও মুদ্রানীতি রক্ষা কায়ঢোন।

বিবৃতিতে তিনি আরও বলেন, জাতি আফসোসে কেবল ভোটে সংস্কারের দাবি ছিল না, এটি ছিল রাষ্ট্রীয় কাঠামোতে গুণগত পরিবর্তনের আকাঙ্ক্ষা। যোগ্যতা উপেক্ষা করে দেওয়া এই নিয়োগ বাংলাদেশ ব্যাংক-এর স্বকীয়তা অবসানের সংকেত দিচ্ছে বলেও আশঙ্কা প্রকাশ করেন তিনি।
